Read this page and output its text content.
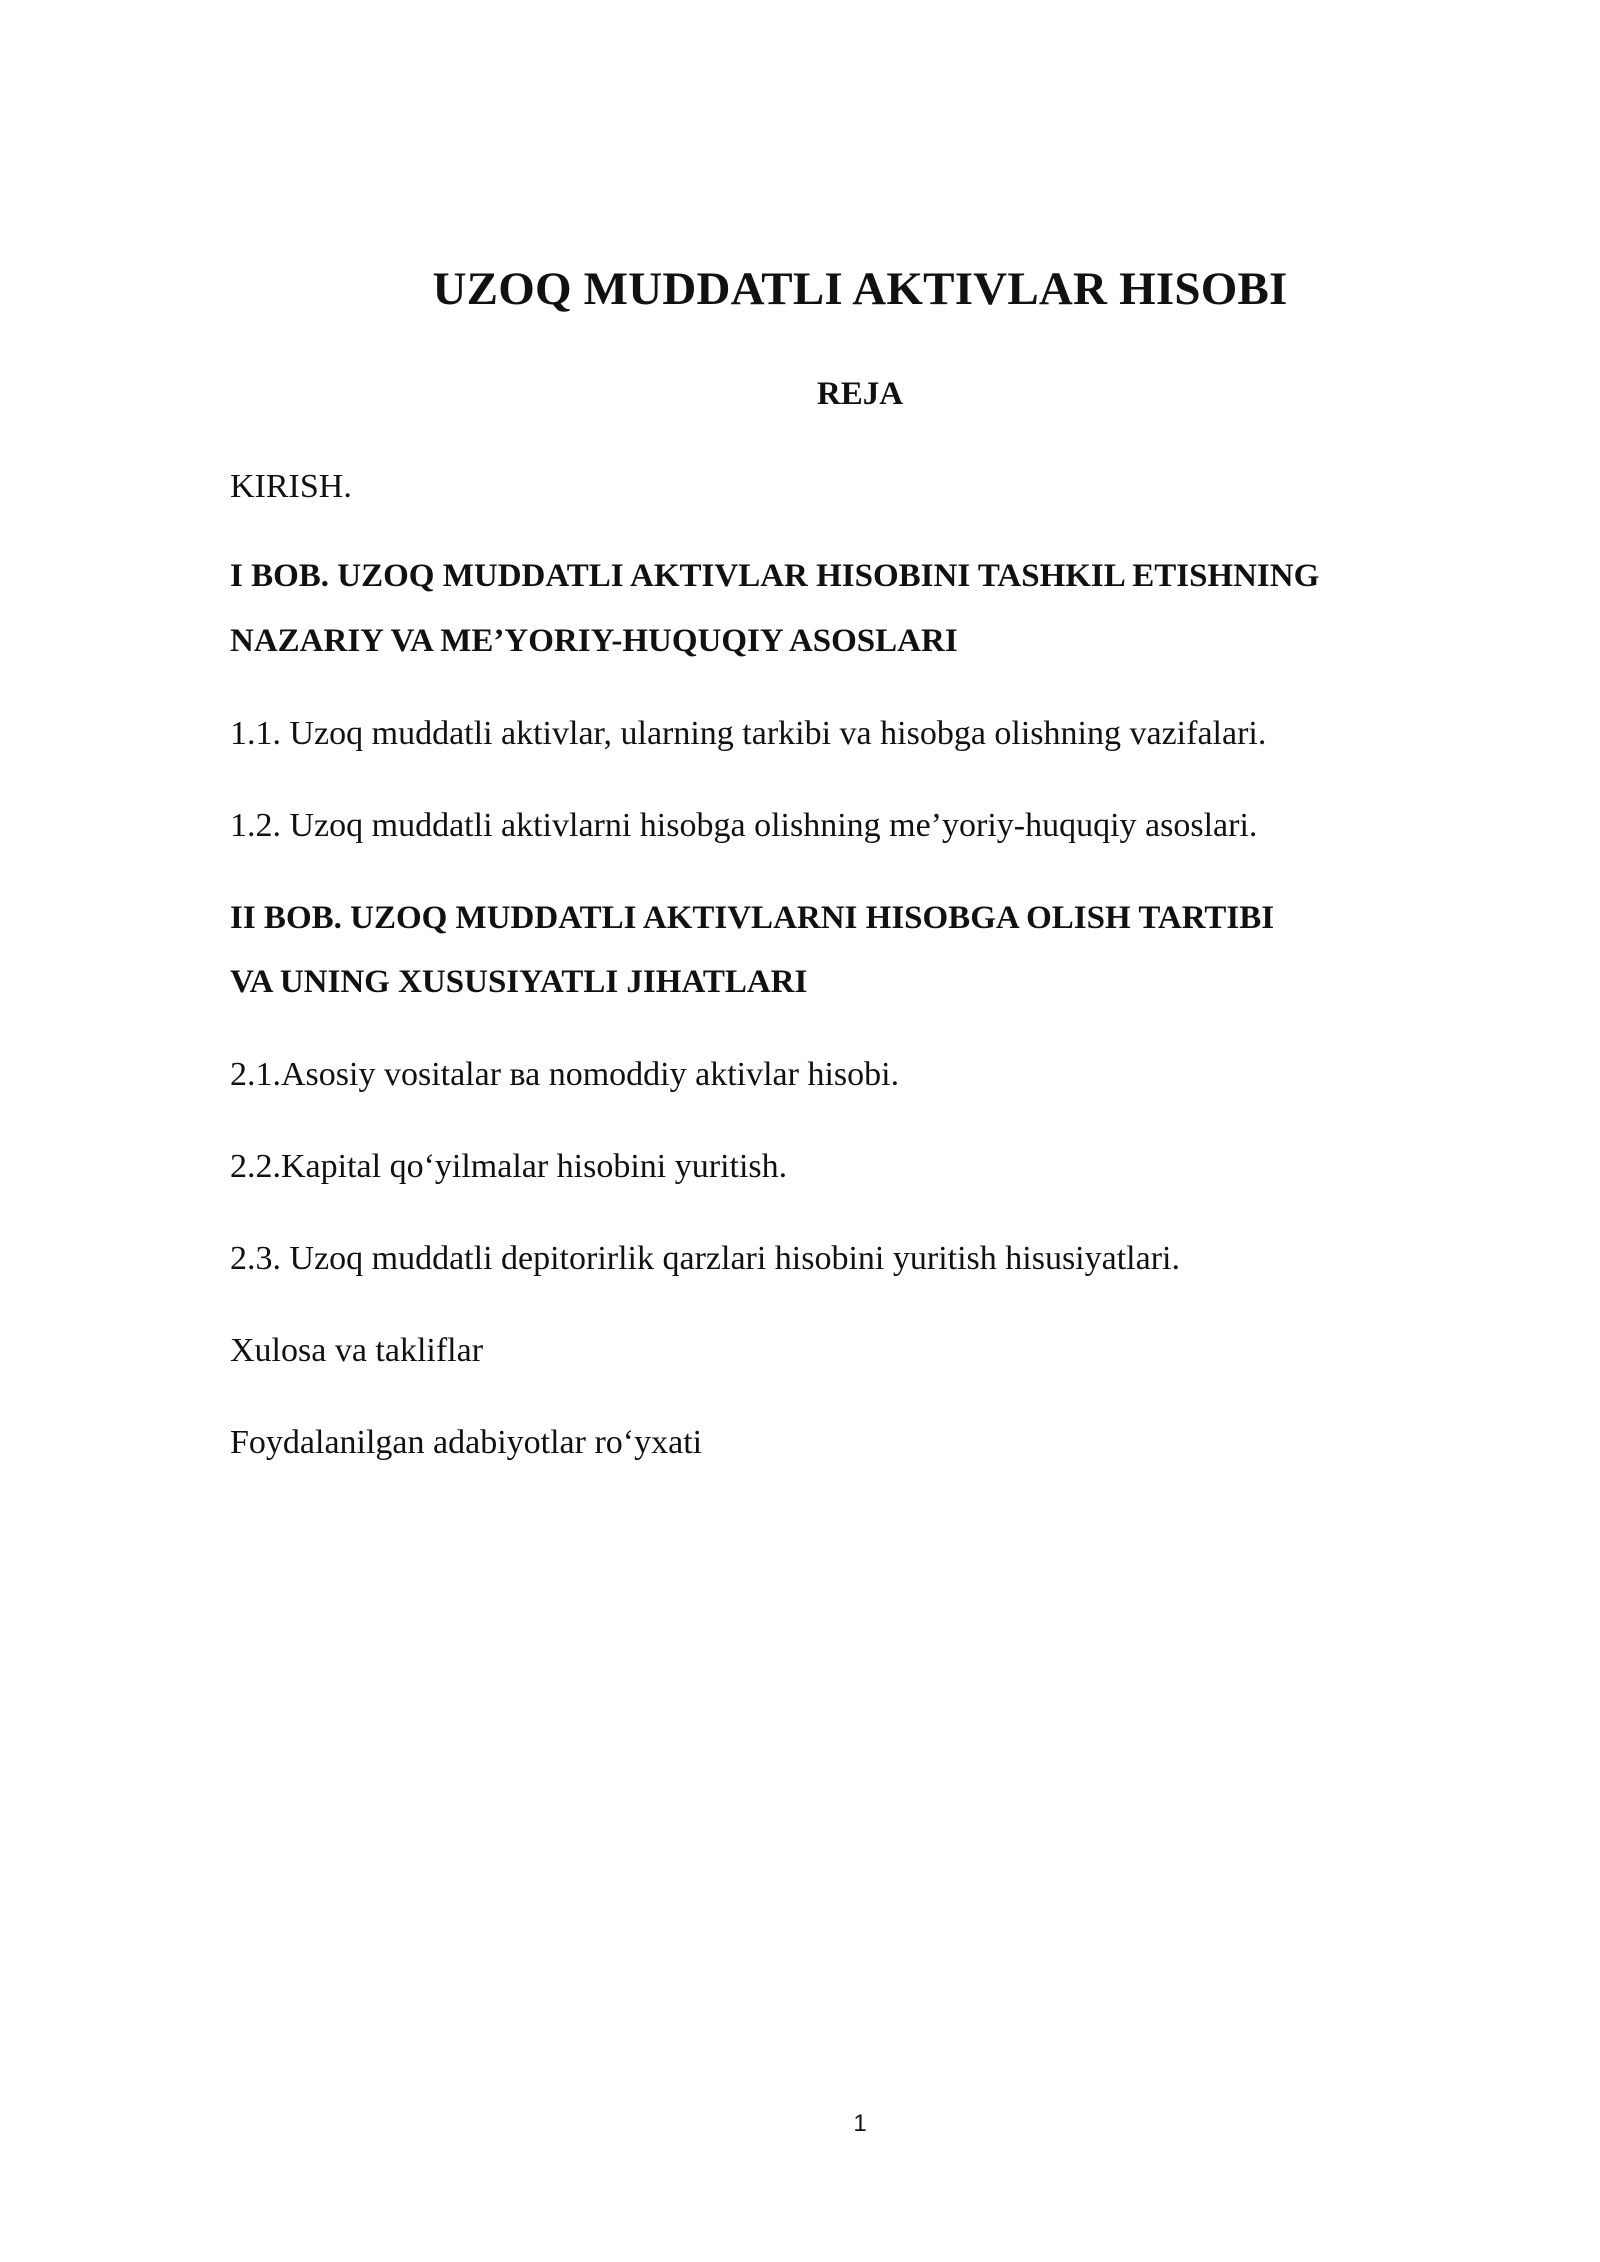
UZOQ MUDDATLI AKTIVLAR HISOBI
REJA

KIRISH.

I BOB. UZOQ MUDDATLI AKTIVLAR HISOBINI TASHKIL ETISHNING

NAZARIY VA ME’YORIY-HUQUQIY ASOSLARI

1.1. Uzoq muddatli aktivlar, ularning tarkibi va hisobga olishning vazifalari.

1.2. Uzoq muddatli aktivlarni hisobga olishning me’yoriy-huquqiy asoslari.

II BOB. UZOQ MUDDATLI AKTIVLARNI HISOBGA OLISH TARTIBI

VA UNING XUSUSIYATLI JIHATLARI

2.1.Asosiy vositalar ва nomoddiy aktivlar hisobi.

2.2.Kapital qo‘yilmalar hisobini yuritish.

2.3. Uzoq muddatli depitorirlik qarzlari hisobini yuritish hisusiyatlari.

Xulosa va takliflar

Foydalanilgan adabiyotlar ro‘yxati

1
